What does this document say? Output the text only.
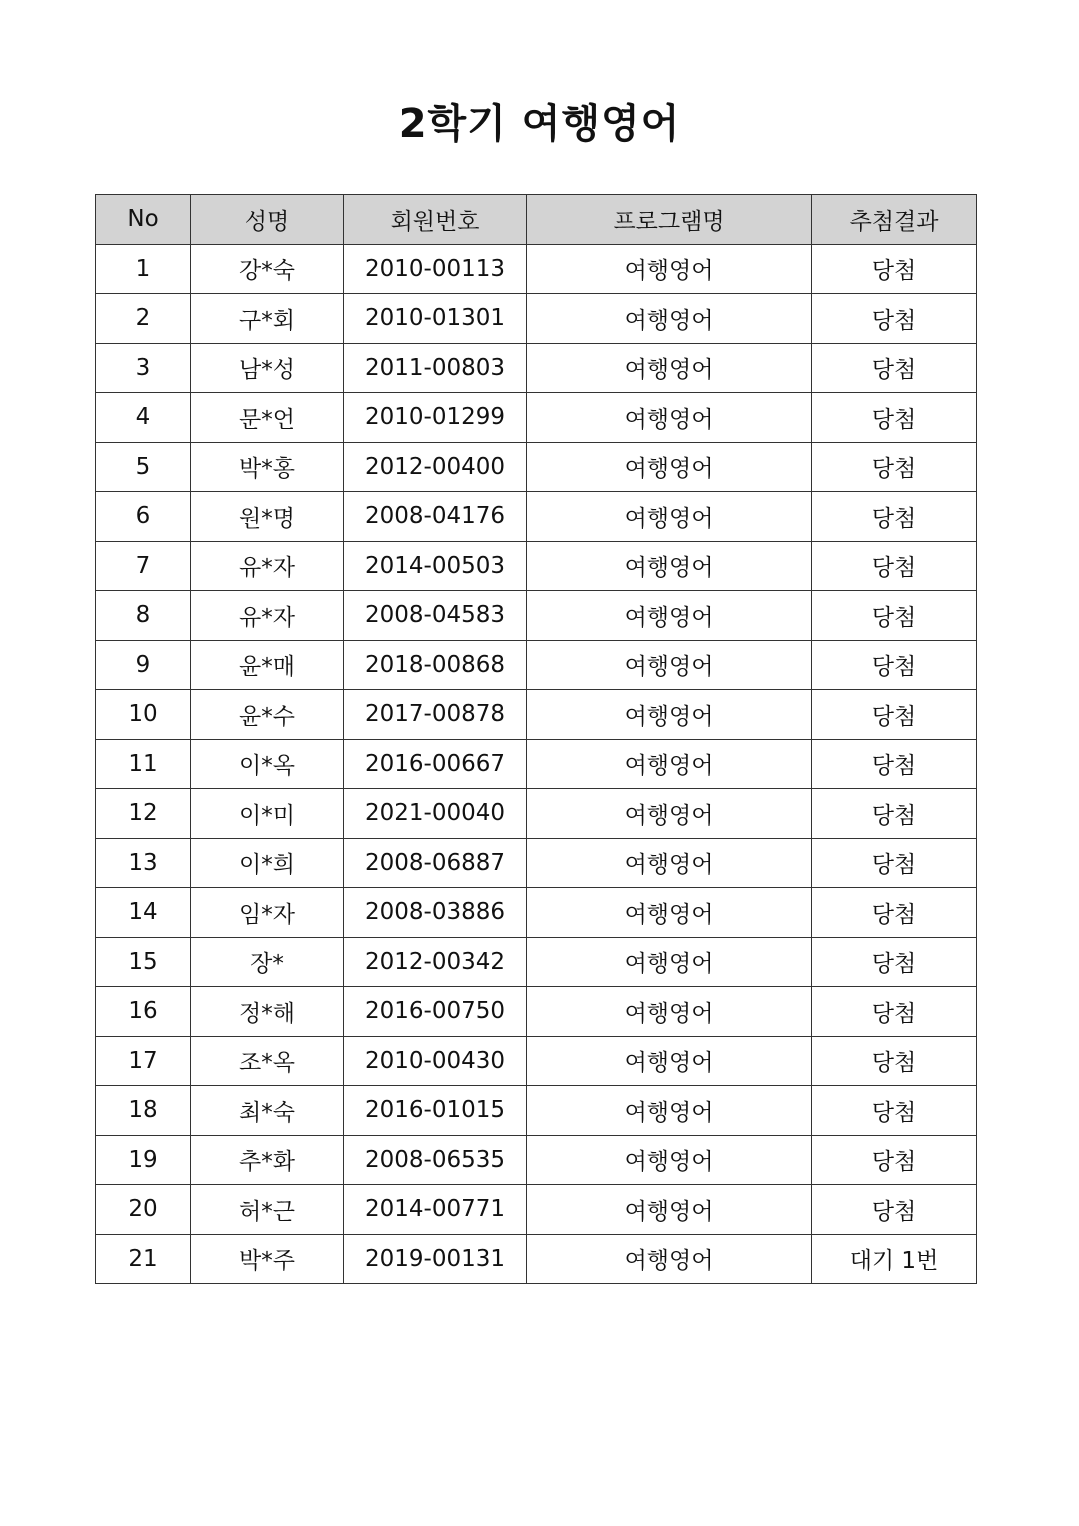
2학기 여행영어
No	성명	회원번호	프로그램명	추첨결과
1	강*숙	2010-00113	여행영어	당첨
2	구*회	2010-01301	여행영어	당첨
3	남*성	2011-00803	여행영어	당첨
4	문*언	2010-01299	여행영어	당첨
5	박*홍	2012-00400	여행영어	당첨
6	원*명	2008-04176	여행영어	당첨
7	유*자	2014-00503	여행영어	당첨
8	유*자	2008-04583	여행영어	당첨
9	윤*매	2018-00868	여행영어	당첨
10	윤*수	2017-00878	여행영어	당첨
11	이*옥	2016-00667	여행영어	당첨
12	이*미	2021-00040	여행영어	당첨
13	이*희	2008-06887	여행영어	당첨
14	임*자	2008-03886	여행영어	당첨
15	장*	2012-00342	여행영어	당첨
16	정*해	2016-00750	여행영어	당첨
17	조*옥	2010-00430	여행영어	당첨
18	최*숙	2016-01015	여행영어	당첨
19	추*화	2008-06535	여행영어	당첨
20	허*근	2014-00771	여행영어	당첨
21	박*주	2019-00131	여행영어	대기 1번
